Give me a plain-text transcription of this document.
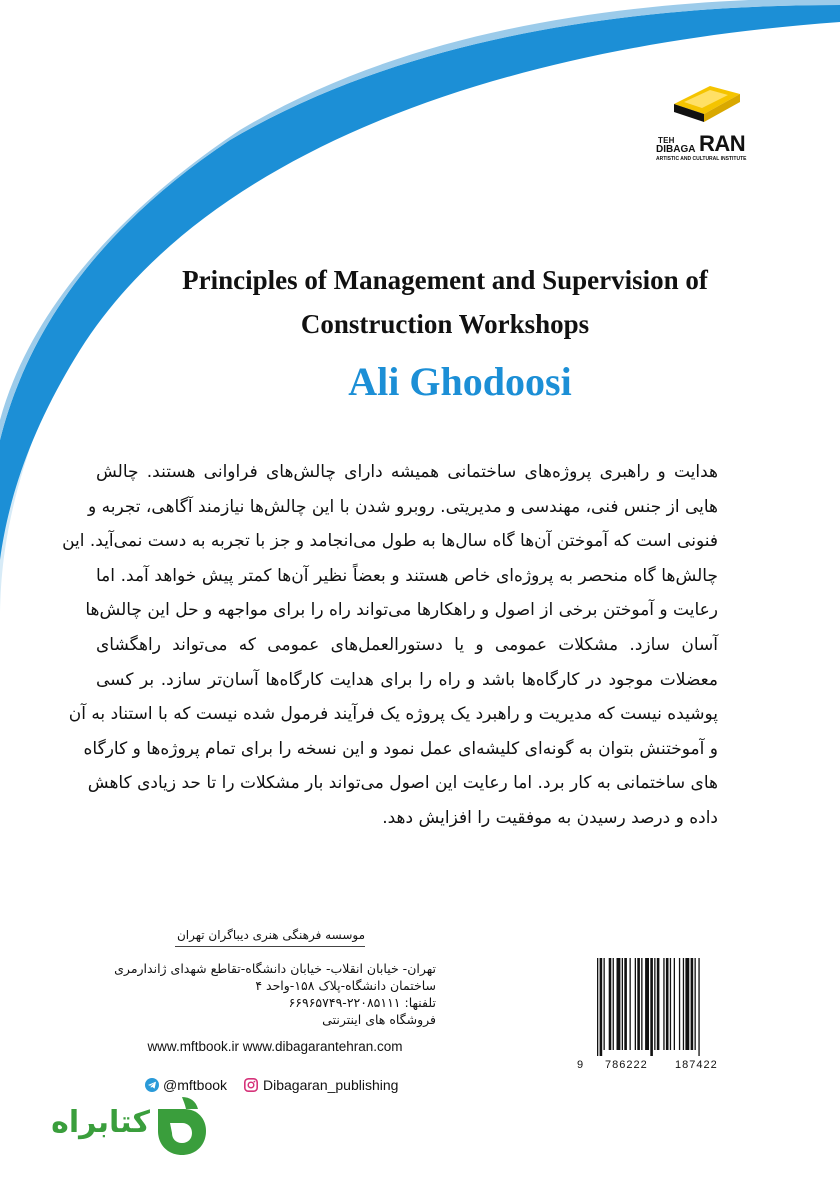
TEH
DIBAGA RAN
ARTISTIC AND CULTURAL INSTITUTE
Principles of Management and Supervision of
Construction Workshops
Ali Ghodoosi
هدایت و راهبری پروژه‌های ساختمانی همیشه دارای چالش‌های فراوانی هستند. چالش
هایی از جنس فنی، مهندسی و مدیریتی. روبرو شدن با این چالش‌ها نیازمند آگاهی، تجربه و
فنونی است که آموختن آن‌ها گاه سال‌ها به طول می‌انجامد و جز با تجربه به دست نمی‌آید. این
چالش‌ها گاه منحصر به پروژه‌ای خاص هستند و بعضاً نظیر آن‌ها کمتر پیش خواهد آمد. اما
رعایت و آموختن برخی از اصول و راهکارها می‌تواند راه را برای مواجهه و حل این چالش‌ها
آسان سازد. مشکلات عمومی و یا دستورالعمل‌های عمومی که می‌تواند راهگشای
معضلات موجود در کارگاه‌ها باشد و راه را برای هدایت کارگاه‌ها آسان‌تر سازد. بر کسی
پوشیده نیست که مدیریت و راهبرد یک پروژه یک فرآیند فرمول شده نیست که با استناد به آن
و آموختنش بتوان به گونه‌ای کلیشه‌ای عمل نمود و این نسخه را برای تمام پروژه‌ها و کارگاه
های ساختمانی به کار برد. اما رعایت این اصول می‌تواند بار مشکلات را تا حد زیادی کاهش
داده و درصد رسیدن به موفقیت را افزایش دهد.
موسسه فرهنگی هنری دیباگران تهران
تهران- خیابان انقلاب- خیابان دانشگاه-تقاطع شهدای ژاندارمری
ساختمان دانشگاه-پلاک ۱۵۸-واحد ۴
تلفنها: ۲۲۰۸۵۱۱۱-۶۶۹۶۵۷۴۹
فروشگاه های اینترنتی
www.mftbook.ir www.dibagarantehran.com
@mftbook	Dibagaran_publishing
9 786222 187422
کتابراه
